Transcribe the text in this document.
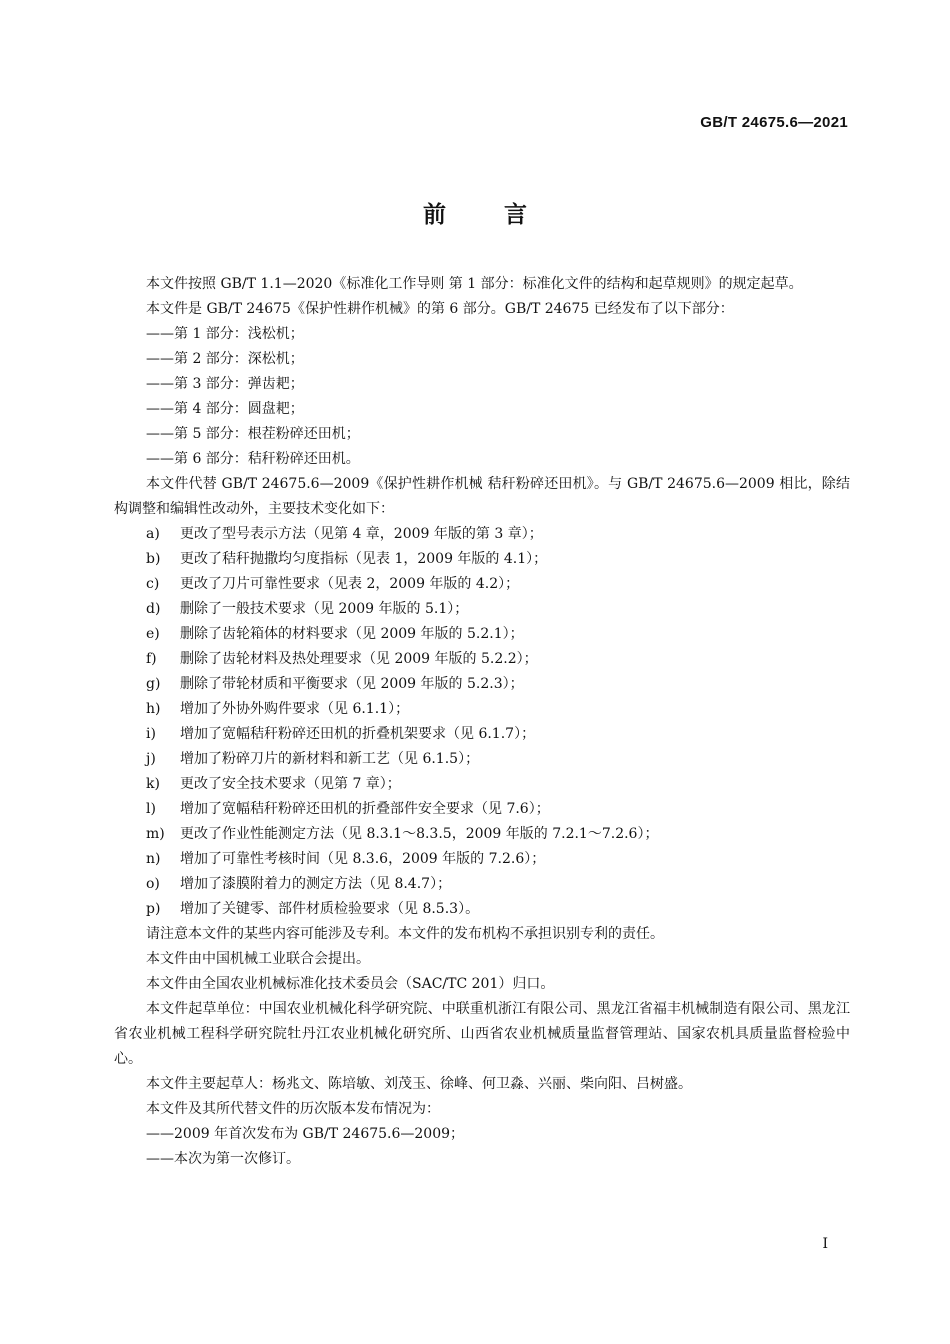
GB/T 24675.6—2021
前言

本文件按照 GB/T 1.1—2020《标准化工作导则 第 1 部分：标准化文件的结构和起草规则》的规定起草。

本文件是 GB/T 24675《保护性耕作机械》的第 6 部分。GB/T 24675 已经发布了以下部分：

——第 1 部分：浅松机；

——第 2 部分：深松机；

——第 3 部分：弹齿耙；

——第 4 部分：圆盘耙；

——第 5 部分：根茬粉碎还田机；

——第 6 部分：秸秆粉碎还田机。

本文件代替 GB/T 24675.6—2009《保护性耕作机械 秸秆粉碎还田机》。与 GB/T 24675.6—2009 相比，除结构调整和编辑性改动外，主要技术变化如下：

a)	更改了型号表示方法（见第 4 章，2009 年版的第 3 章）；
b)	更改了秸秆抛撒均匀度指标（见表 1，2009 年版的 4.1）；
c)	更改了刀片可靠性要求（见表 2，2009 年版的 4.2）；
d)	删除了一般技术要求（见 2009 年版的 5.1）；
e)	删除了齿轮箱体的材料要求（见 2009 年版的 5.2.1）；
f)	删除了齿轮材料及热处理要求（见 2009 年版的 5.2.2）；
g)	删除了带轮材质和平衡要求（见 2009 年版的 5.2.3）；
h)	增加了外协外购件要求（见 6.1.1）；
i)	增加了宽幅秸秆粉碎还田机的折叠机架要求（见 6.1.7）；
j)	增加了粉碎刀片的新材料和新工艺（见 6.1.5）；
k)	更改了安全技术要求（见第 7 章）；
l)	增加了宽幅秸秆粉碎还田机的折叠部件安全要求（见 7.6）；
m)	更改了作业性能测定方法（见 8.3.1～8.3.5，2009 年版的 7.2.1～7.2.6）；
n)	增加了可靠性考核时间（见 8.3.6，2009 年版的 7.2.6）；
o)	增加了漆膜附着力的测定方法（见 8.4.7）；
p)	增加了关键零、部件材质检验要求（见 8.5.3）。

请注意本文件的某些内容可能涉及专利。本文件的发布机构不承担识别专利的责任。

本文件由中国机械工业联合会提出。

本文件由全国农业机械标准化技术委员会（SAC/TC 201）归口。

本文件起草单位：中国农业机械化科学研究院、中联重机浙江有限公司、黑龙江省福丰机械制造有限公司、黑龙江省农业机械工程科学研究院牡丹江农业机械化研究所、山西省农业机械质量监督管理站、国家农机具质量监督检验中心。

本文件主要起草人：杨兆文、陈培敏、刘茂玉、徐峰、何卫淼、兴丽、柴向阳、吕树盛。

本文件及其所代替文件的历次版本发布情况为：

——2009 年首次发布为 GB/T 24675.6—2009；

——本次为第一次修订。

I
